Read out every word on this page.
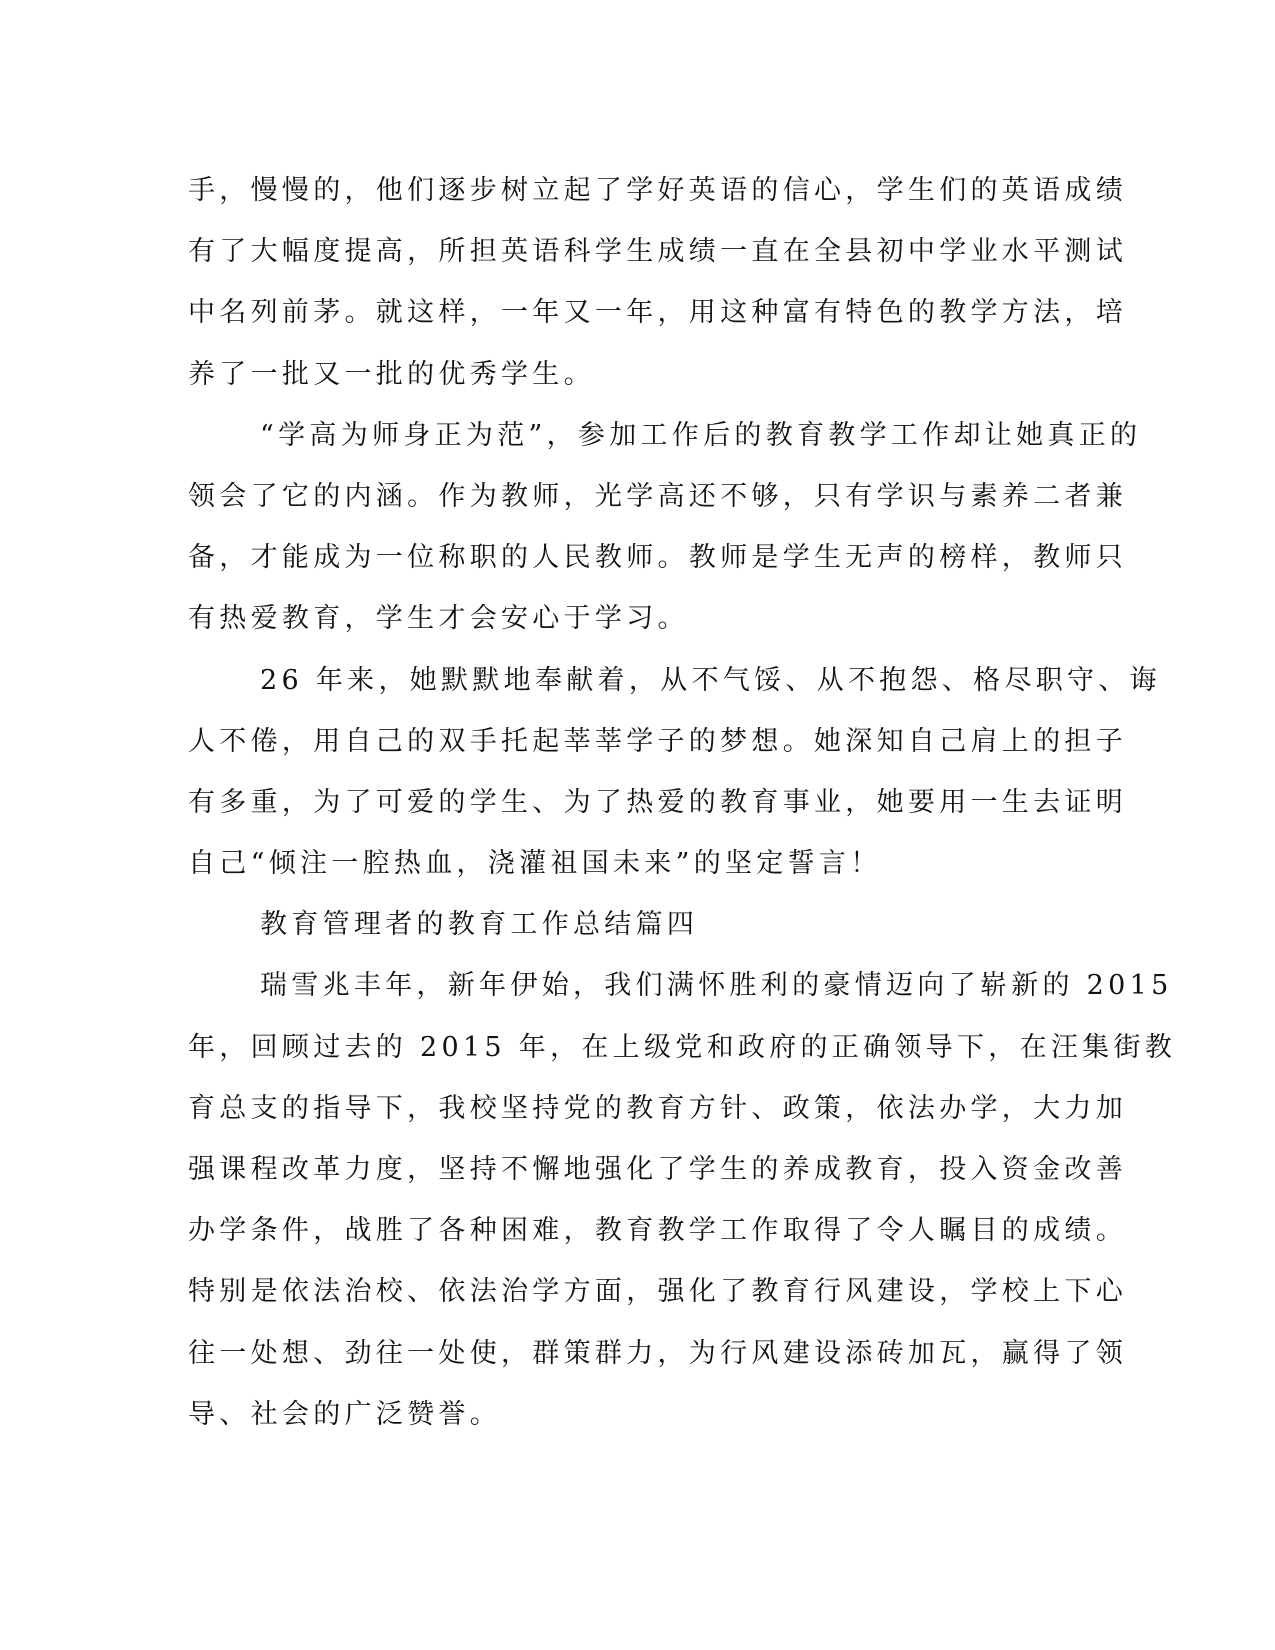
手，慢慢的，他们逐步树立起了学好英语的信心，学生们的英语成绩

有了大幅度提高，所担英语科学生成绩一直在全县初中学业水平测试

中名列前茅。就这样，一年又一年，用这种富有特色的教学方法，培

养了一批又一批的优秀学生。

“学高为师身正为范”，参加工作后的教育教学工作却让她真正的

领会了它的内涵。作为教师，光学高还不够，只有学识与素养二者兼

备，才能成为一位称职的人民教师。教师是学生无声的榜样，教师只

有热爱教育，学生才会安心于学习。

26 年来，她默默地奉献着，从不气馁、从不抱怨、格尽职守、诲

人不倦，用自己的双手托起莘莘学子的梦想。她深知自己肩上的担子

有多重，为了可爱的学生、为了热爱的教育事业，她要用一生去证明

自己“倾注一腔热血，浇灌祖国未来”的坚定誓言！

教育管理者的教育工作总结篇四

瑞雪兆丰年，新年伊始，我们满怀胜利的豪情迈向了崭新的 2015

年，回顾过去的 2015 年，在上级党和政府的正确领导下，在汪集街教

育总支的指导下，我校坚持党的教育方针、政策，依法办学，大力加

强课程改革力度，坚持不懈地强化了学生的养成教育，投入资金改善

办学条件，战胜了各种困难，教育教学工作取得了令人瞩目的成绩。

特别是依法治校、依法治学方面，强化了教育行风建设，学校上下心

往一处想、劲往一处使，群策群力，为行风建设添砖加瓦，赢得了领

导、社会的广泛赞誉。
